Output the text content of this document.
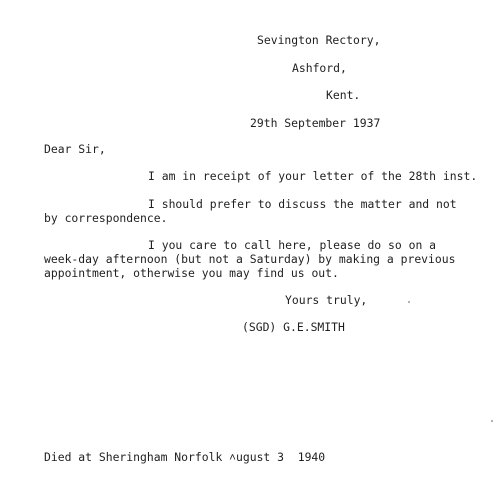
Sevington Rectory,
Ashford,
Kent.
29th September 1937
Dear Sir,
I am in receipt of your letter of the 28th inst.
I should prefer to discuss the matter and not
by correspondence.
I you care to call here, please do so on a
week-day afternoon (but not a Saturday) by making a previous
appointment, otherwise you may find us out.
Yours truly,
(SGD) G.E.SMITH
Died at Sheringham Norfolk ˄ugust 3  1940
